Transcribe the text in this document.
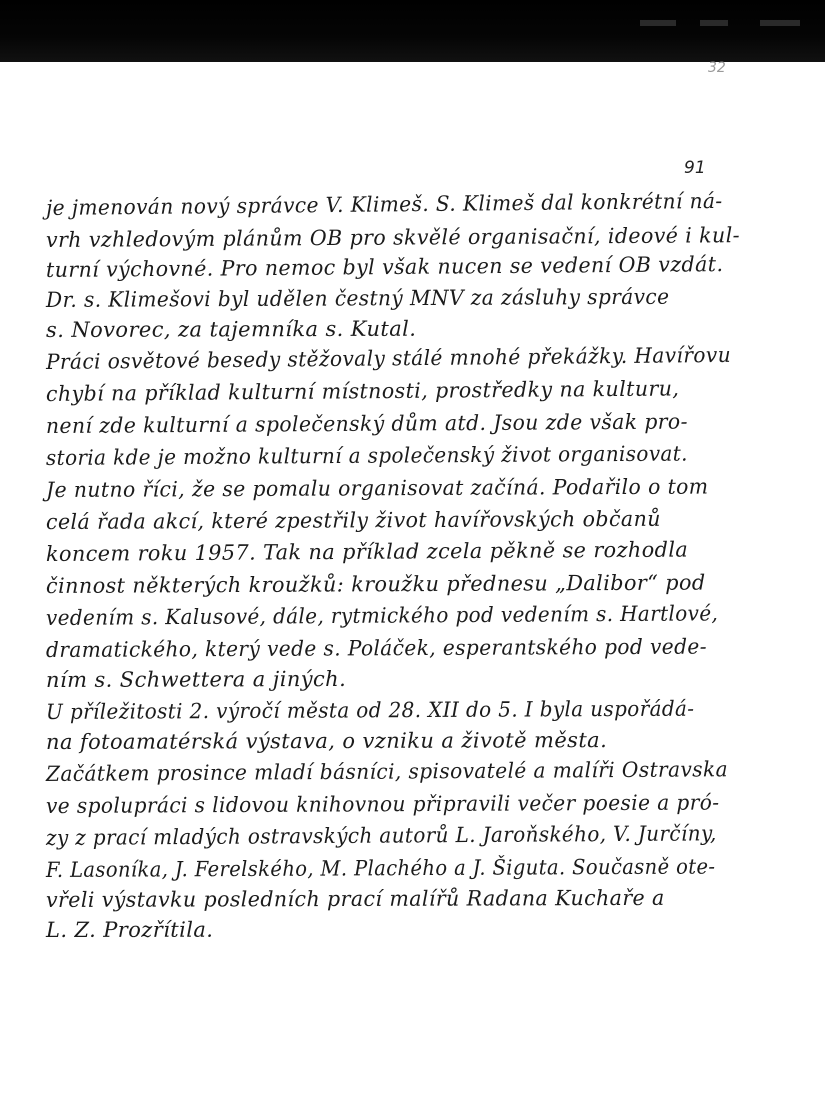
32
91
je jmenován nový správce V. Klimeš. S. Klimeš dal konkrétní ná-
vrh vzhledovým plánům OB pro skvělé organisační, ideové i kul-
turní výchovné. Pro nemoc byl však nucen se vedení OB vzdát.
Dr. s. Klimešovi byl udělen čestný MNV za zásluhy správce
s. Novorec, za tajemníka s. Kutal.
Práci osvětové besedy stěžovaly stálé mnohé překážky. Havířovu
chybí na příklad kulturní místnosti, prostředky na kulturu,
není zde kulturní a společenský dům atd. Jsou zde však pro-
storia kde je možno kulturní a společenský život organisovat.
Je nutno říci, že se pomalu organisovat začíná. Podařilo o tom
celá řada akcí, které zpestřily život havířovských občanů
koncem roku 1957. Tak na příklad zcela pěkně se rozhodla
činnost některých kroužků: kroužku přednesu „Dalibor“ pod
vedením s. Kalusové, dále, rytmického pod vedením s. Hartlové,
dramatického, který vede s. Poláček, esperantského pod vede-
ním s. Schwettera a jiných.
U příležitosti 2. výročí města od 28. XII do 5. I byla uspořádá-
na fotoamatérská výstava, o vzniku a životě města.
Začátkem prosince mladí básníci, spisovatelé a malíři Ostravska
ve spolupráci s lidovou knihovnou připravili večer poesie a pró-
zy z prací mladých ostravských autorů L. Jaroňského, V. Jurčíny,
F. Lasoníka, J. Ferelského, M. Plachého a J. Šiguta. Současně ote-
vřeli výstavku posledních prací malířů Radana Kuchaře a
L. Z. Prozřítila.
